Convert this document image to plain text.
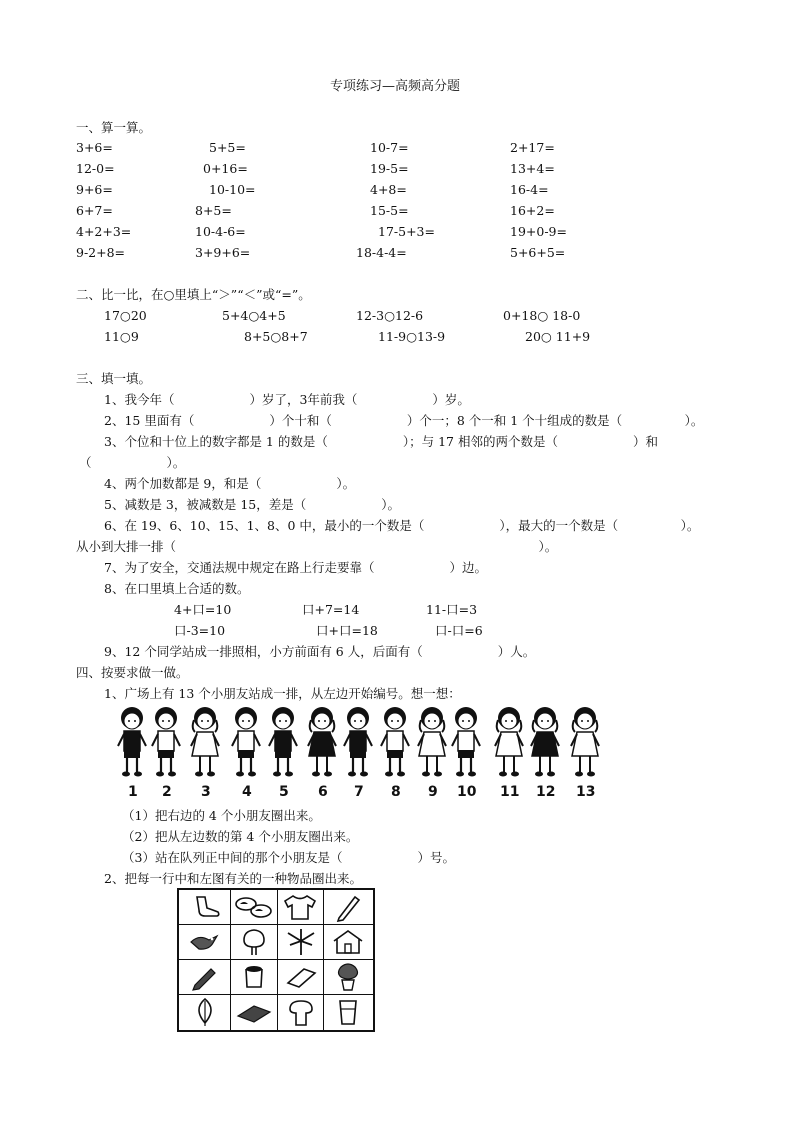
专项练习—高频高分题
一、算一算。
3+6=	5+5=	10-7=	2+17=
12-0=	0+16=	19-5=	13+4=
9+6=	10-10=	4+8=	16-4=
6+7=	8+5=	15-5=	16+2=
4+2+3=	10-4-6=	17-5+3=	19+0-9=
9-2+8=	3+9+6=	18-4-4=	5+6+5=
二、比一比，在○里填上“＞”“＜”或“=”。
17○20	5+4○4+5	12-3○12-6	0+18○ 18-0
11○9	8+5○8+7	11-9○13-9	20○ 11+9
三、填一填。
1、我今年（　　　　　　）岁了，3年前我（　　　　　　）岁。
2、15 里面有（　　　　　　）个十和（　　　　　　）个一；8 个一和 1 个十组成的数是（　　　　　）。
3、个位和十位上的数字都是 1 的数是（　　　　　　）；与 17 相邻的两个数是（　　　　　　）和
（　　　　　　）。
4、两个加数都是 9，和是（　　　　　　）。
5、减数是 3，被减数是 15，差是（　　　　　　）。
6、在 19、6、10、15、1、8、0 中，最小的一个数是（　　　　　　），最大的一个数是（　　　　　）。
从小到大排一排（　　　　　　　　　　　　　　　　　　　　　　　　　　　　　）。
7、为了安全，交通法规中规定在路上行走要靠（　　　　　　）边。
8、在口里填上合适的数。
4+口=10	口+7=14	11-口=3
口-3=10	口+口=18	口-口=6
9、12 个同学站成一排照相，小方前面有 6 人，后面有（　　　　　　）人。
四、按要求做一做。
1、广场上有 13 个小朋友站成一排，从左边开始编号。想一想：
1 2 3 4 5 6 7 8 9 10 11 12 13
（1）把右边的 4 个小朋友圈出来。
（2）把从左边数的第 4 个小朋友圈出来。
（3）站在队列正中间的那个小朋友是（　　　　　　）号。
2、把每一行中和左图有关的一种物品圈出来。
